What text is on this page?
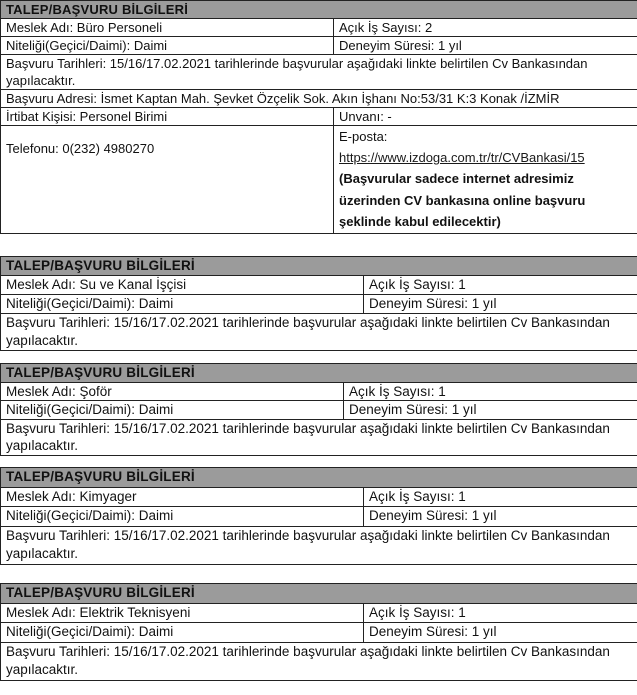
TALEP/BAŞVURU BİLGİLERİ	
Meslek Adı: Büro Personeli	Açık İş Sayısı: 2
Niteliği(Geçici/Daimi): Daimi	Deneyim Süresi: 1 yıl
Başvuru Tarihleri: 15/16/17.02.2021 tarihlerinde başvurular aşağıdaki linkte belirtilen Cv Bankasından yapılacaktır.	
Başvuru Adresi: İsmet Kaptan Mah. Şevket Özçelik Sok. Akın İşhanı No:53/31 K:3 Konak /İZMİR	
İrtibat Kişisi: Personel Birimi	Unvanı: -
Telefonu: 0(232) 4980270	E-posta:
https://www.izdoga.com.tr/tr/CVBankasi/15
(Başvurular sadece internet adresimiz üzerinden CV bankasına online başvuru şeklinde kabul edilecektir)
TALEP/BAŞVURU BİLGİLERİ	
Meslek Adı: Su ve Kanal İşçisi	Açık İş Sayısı: 1
Niteliği(Geçici/Daimi): Daimi	Deneyim Süresi: 1 yıl
Başvuru Tarihleri: 15/16/17.02.2021 tarihlerinde başvurular aşağıdaki linkte belirtilen Cv Bankasından yapılacaktır.	
TALEP/BAŞVURU BİLGİLERİ	
Meslek Adı: Şoför	Açık İş Sayısı: 1
Niteliği(Geçici/Daimi): Daimi	Deneyim Süresi: 1 yıl
Başvuru Tarihleri: 15/16/17.02.2021 tarihlerinde başvurular aşağıdaki linkte belirtilen Cv Bankasından yapılacaktır.	
TALEP/BAŞVURU BİLGİLERİ	
Meslek Adı: Kimyager	Açık İş Sayısı: 1
Niteliği(Geçici/Daimi): Daimi	Deneyim Süresi: 1 yıl
Başvuru Tarihleri: 15/16/17.02.2021 tarihlerinde başvurular aşağıdaki linkte belirtilen Cv Bankasından yapılacaktır.	
TALEP/BAŞVURU BİLGİLERİ	
Meslek Adı: Elektrik Teknisyeni	Açık İş Sayısı: 1
Niteliği(Geçici/Daimi): Daimi	Deneyim Süresi: 1 yıl
Başvuru Tarihleri: 15/16/17.02.2021 tarihlerinde başvurular aşağıdaki linkte belirtilen Cv Bankasından yapılacaktır.	
